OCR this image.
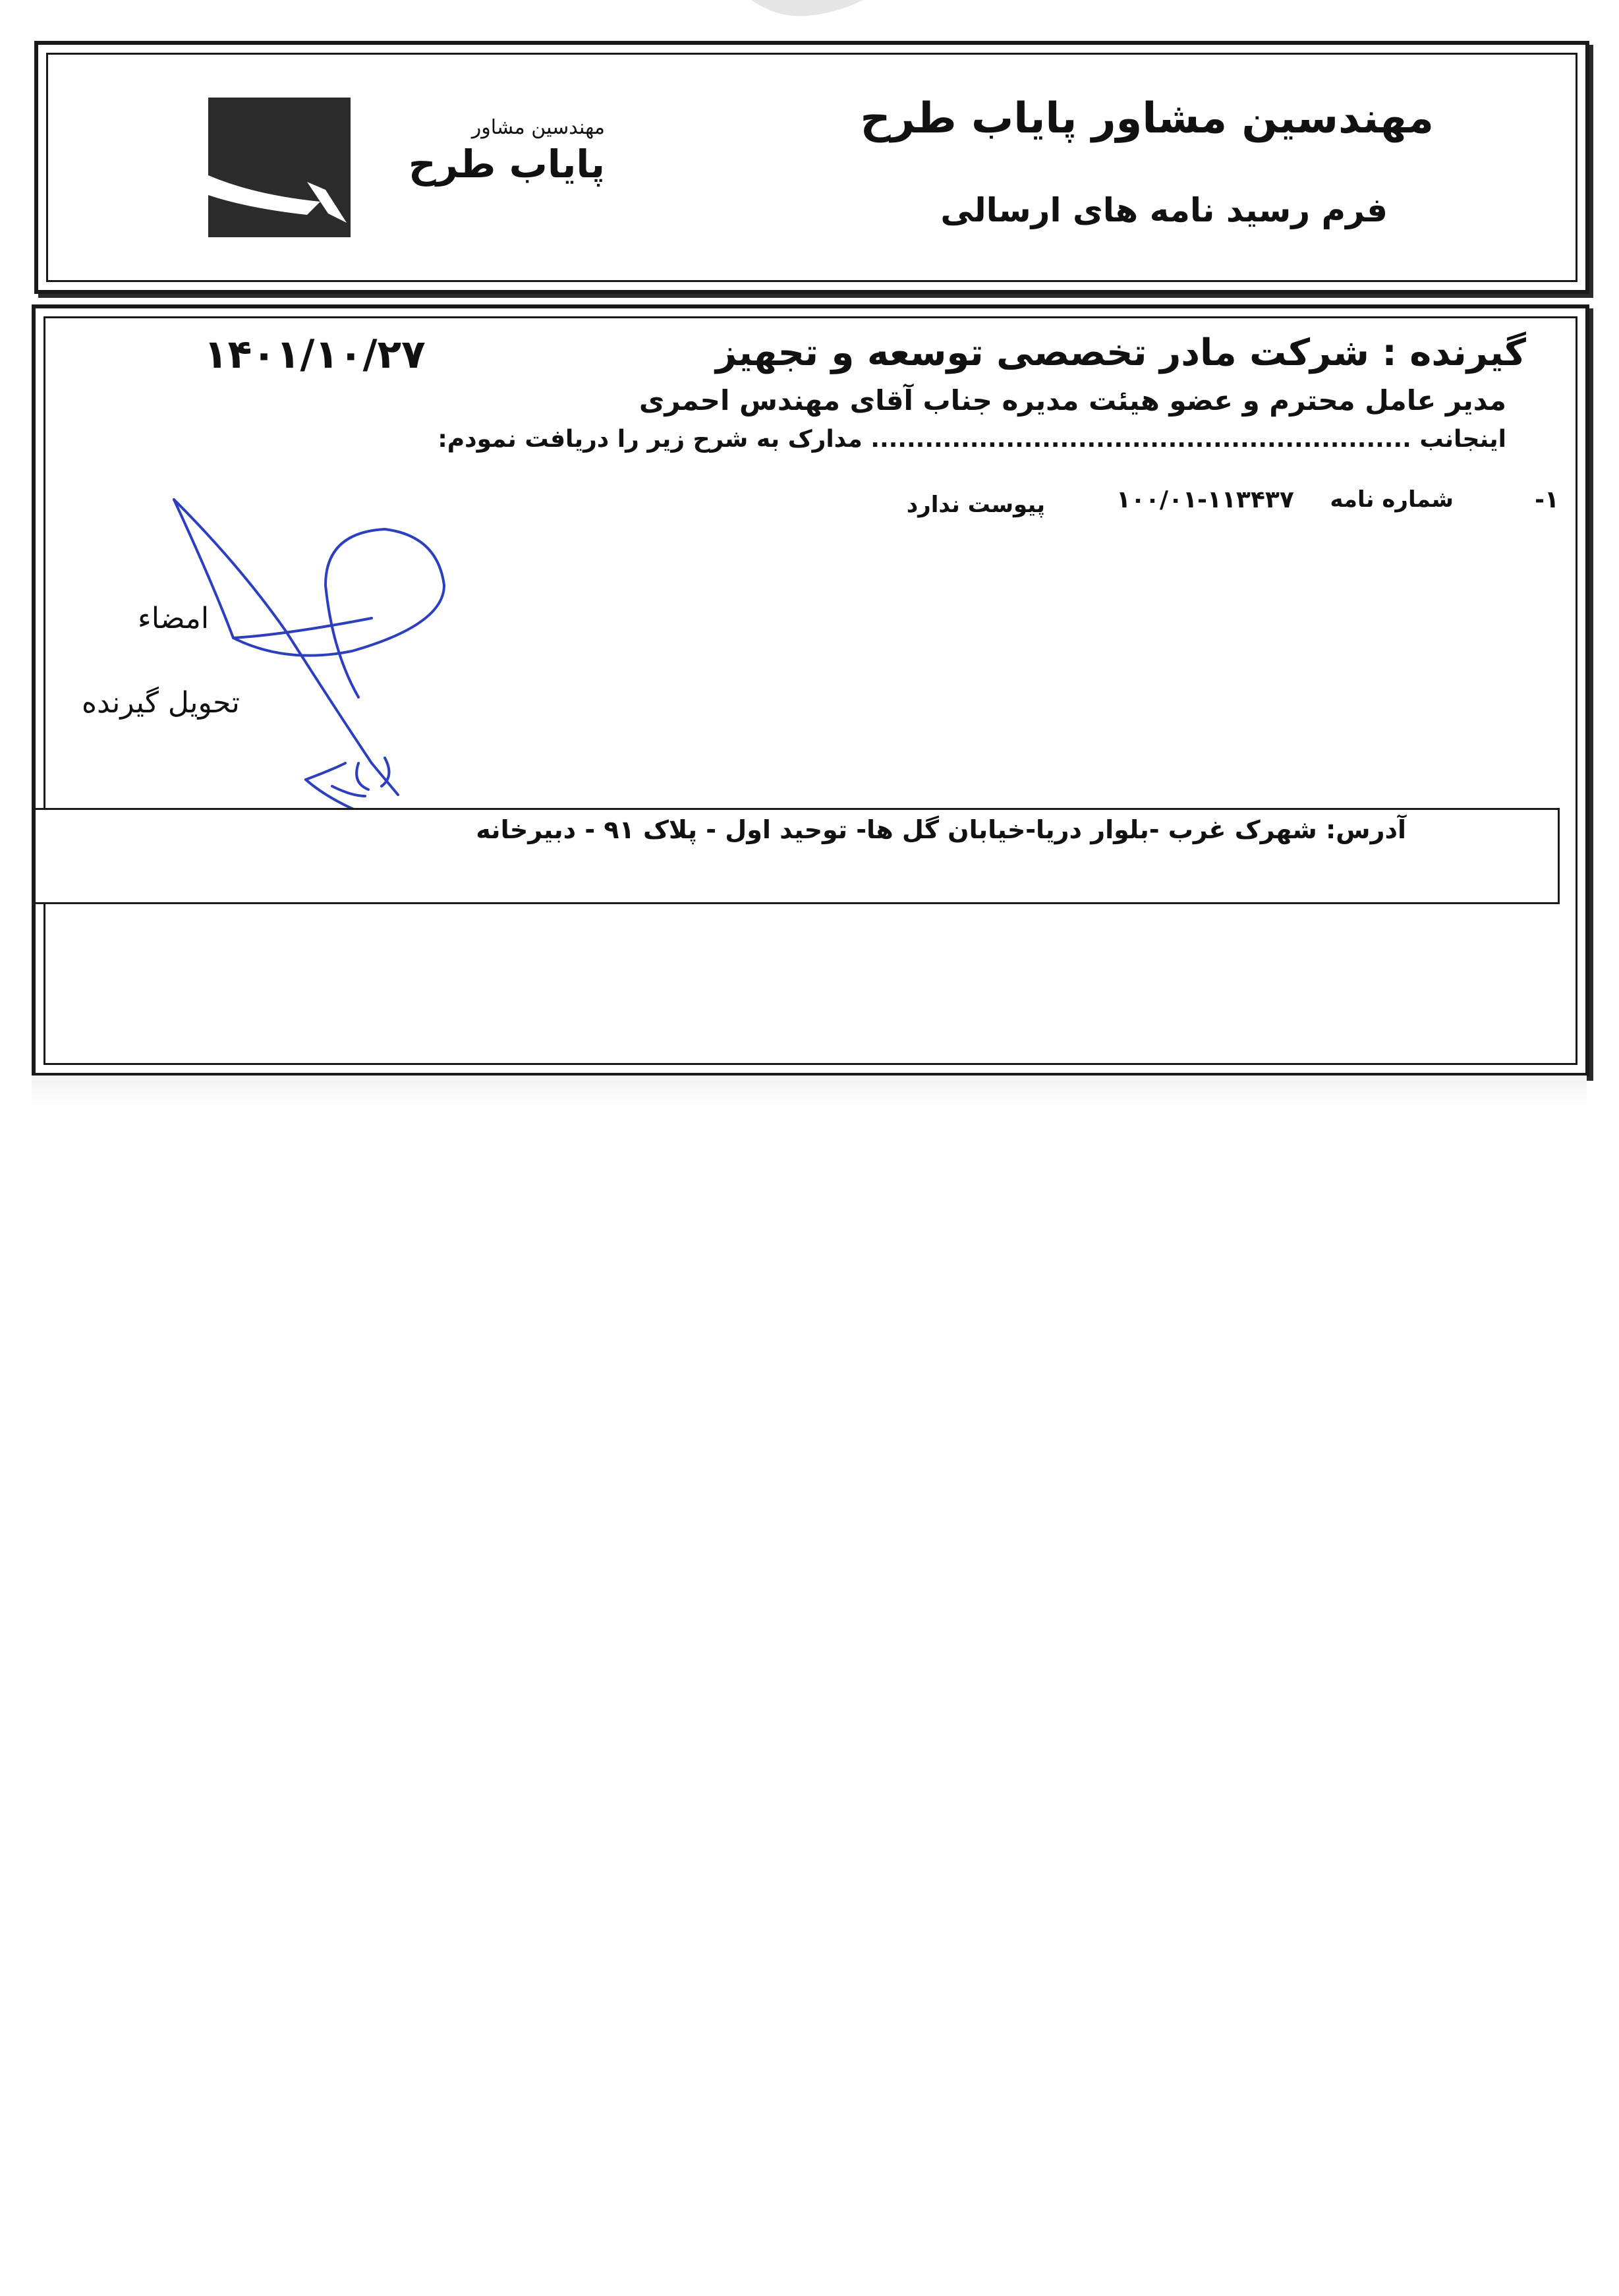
مهندسین مشاور پایاب طرح
فرم رسید نامه های ارسالی
مهندسین مشاور
پایاب طرح
گیرنده : شرکت مادر تخصصی توسعه و تجهیز
۱۴۰۱/۱۰/۲۷
مدیر عامل محترم و عضو هیئت مدیره جناب آقای مهندس احمری
اینجانب ............................................................ مدارک به شرح زیر را دریافت نمودم:
۱-
شماره نامه
۱۰۰/۰۱-۱۱۳۴۳۷
پیوست ندارد
امضاء
تحویل گیرنده
آدرس: شهرک غرب -بلوار دریا-خیابان گل ها- توحید اول - پلاک ۹۱ - دبیرخانه
